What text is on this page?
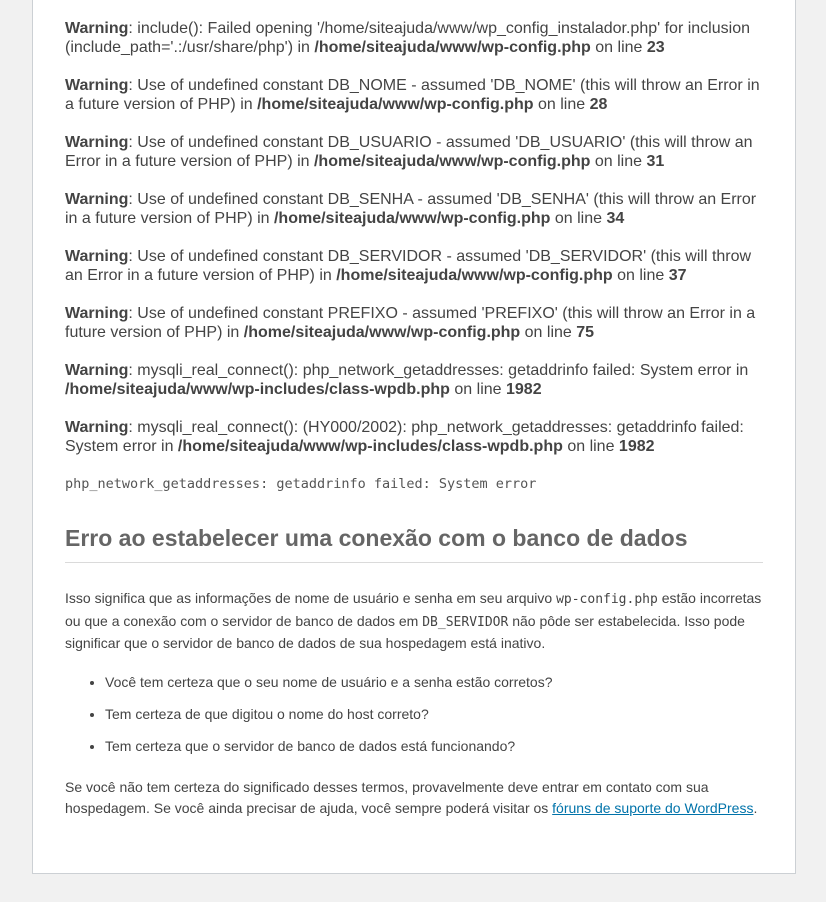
Warning: include(): Failed opening '/home/siteajuda/www/wp_config_instalador.php' for inclusion (include_path='.:/usr/share/php') in /home/siteajuda/www/wp-config.php on line 23

Warning: Use of undefined constant DB_NOME - assumed 'DB_NOME' (this will throw an Error in a future version of PHP) in /home/siteajuda/www/wp-config.php on line 28

Warning: Use of undefined constant DB_USUARIO - assumed 'DB_USUARIO' (this will throw an Error in a future version of PHP) in /home/siteajuda/www/wp-config.php on line 31

Warning: Use of undefined constant DB_SENHA - assumed 'DB_SENHA' (this will throw an Error in a future version of PHP) in /home/siteajuda/www/wp-config.php on line 34

Warning: Use of undefined constant DB_SERVIDOR - assumed 'DB_SERVIDOR' (this will throw an Error in a future version of PHP) in /home/siteajuda/www/wp-config.php on line 37

Warning: Use of undefined constant PREFIXO - assumed 'PREFIXO' (this will throw an Error in a future version of PHP) in /home/siteajuda/www/wp-config.php on line 75

Warning: mysqli_real_connect(): php_network_getaddresses: getaddrinfo failed: System error in /home/siteajuda/www/wp-includes/class-wpdb.php on line 1982

Warning: mysqli_real_connect(): (HY000/2002): php_network_getaddresses: getaddrinfo failed: System error in /home/siteajuda/www/wp-includes/class-wpdb.php on line 1982

php_network_getaddresses: getaddrinfo failed: System error
Erro ao estabelecer uma conexão com o banco de dados

Isso significa que as informações de nome de usuário e senha em seu arquivo wp-config.php estão incorretas ou que a conexão com o servidor de banco de dados em DB_SERVIDOR não pôde ser estabelecida. Isso pode significar que o servidor de banco de dados de sua hospedagem está inativo.

• Você tem certeza que o seu nome de usuário e a senha estão corretos?
• Tem certeza de que digitou o nome do host correto?
• Tem certeza que o servidor de banco de dados está funcionando?

Se você não tem certeza do significado desses termos, provavelmente deve entrar em contato com sua hospedagem. Se você ainda precisar de ajuda, você sempre poderá visitar os fóruns de suporte do WordPress.
